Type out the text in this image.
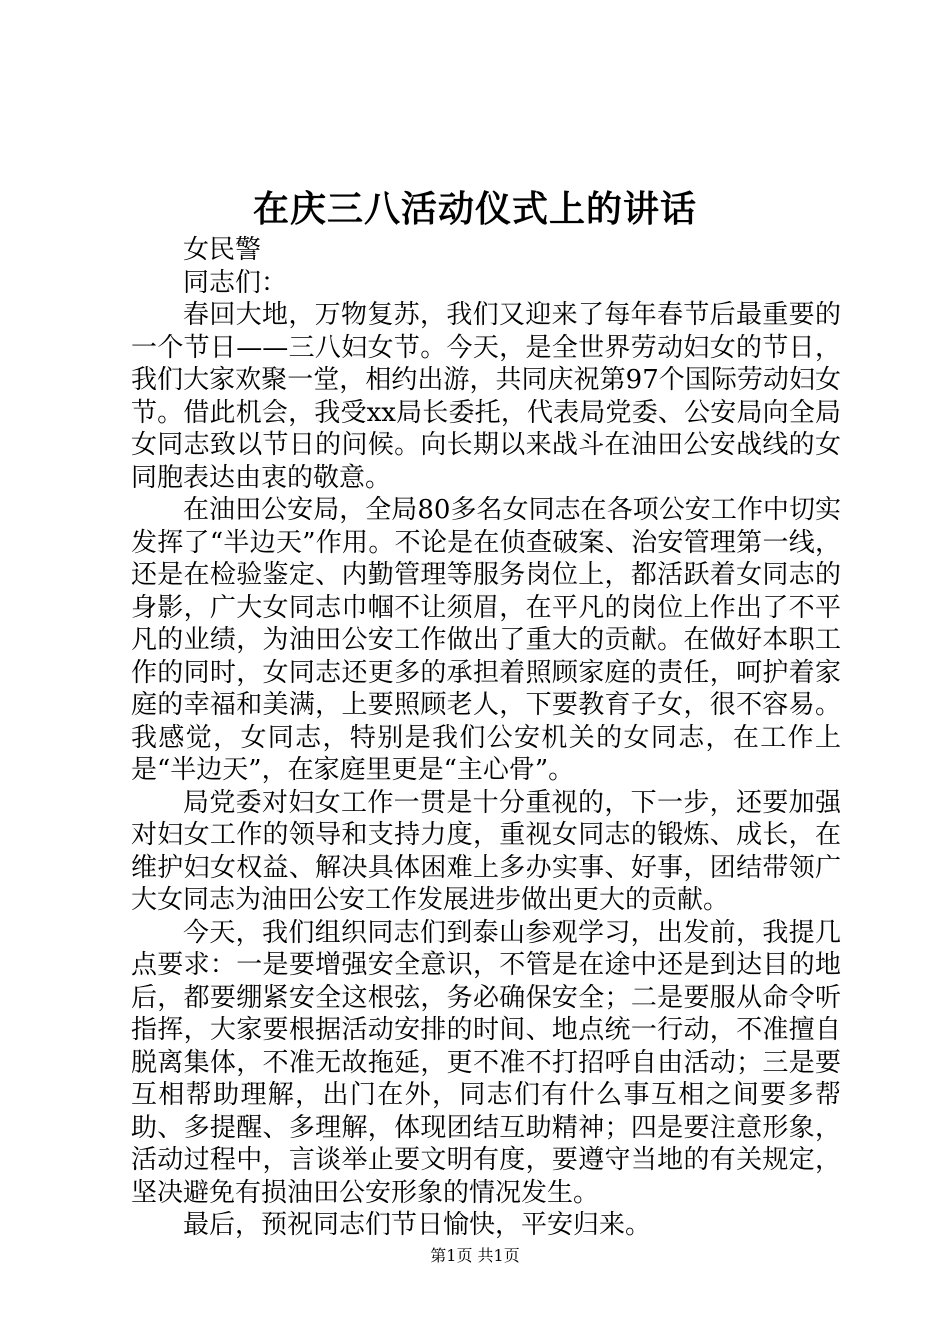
在庆三八活动仪式上的讲话

女民警

同志们：

春回大地，万物复苏，我们又迎来了每年春节后最重要的一个节日——三八妇女节。今天，是全世界劳动妇女的节日，我们大家欢聚一堂，相约出游，共同庆祝第97个国际劳动妇女节。借此机会，我受xx局长委托，代表局党委、公安局向全局女同志致以节日的问候。向长期以来战斗在油田公安战线的女同胞表达由衷的敬意。

在油田公安局，全局80多名女同志在各项公安工作中切实发挥了“半边天”作用。不论是在侦查破案、治安管理第一线，还是在检验鉴定、内勤管理等服务岗位上，都活跃着女同志的身影，广大女同志巾帼不让须眉，在平凡的岗位上作出了不平凡的业绩，为油田公安工作做出了重大的贡献。在做好本职工作的同时，女同志还更多的承担着照顾家庭的责任，呵护着家庭的幸福和美满，上要照顾老人，下要教育子女，很不容易。我感觉，女同志，特别是我们公安机关的女同志，在工作上是“半边天”，在家庭里更是“主心骨”。

局党委对妇女工作一贯是十分重视的，下一步，还要加强对妇女工作的领导和支持力度，重视女同志的锻炼、成长，在维护妇女权益、解决具体困难上多办实事、好事，团结带领广大女同志为油田公安工作发展进步做出更大的贡献。

今天，我们组织同志们到泰山参观学习，出发前，我提几点要求：一是要增强安全意识，不管是在途中还是到达目的地后，都要绷紧安全这根弦，务必确保安全；二是要服从命令听指挥，大家要根据活动安排的时间、地点统一行动，不准擅自脱离集体，不准无故拖延，更不准不打招呼自由活动；三是要互相帮助理解，出门在外，同志们有什么事互相之间要多帮助、多提醒、多理解，体现团结互助精神；四是要注意形象，活动过程中，言谈举止要文明有度，要遵守当地的有关规定，坚决避免有损油田公安形象的情况发生。

最后，预祝同志们节日愉快，平安归来。

第1页 共1页
